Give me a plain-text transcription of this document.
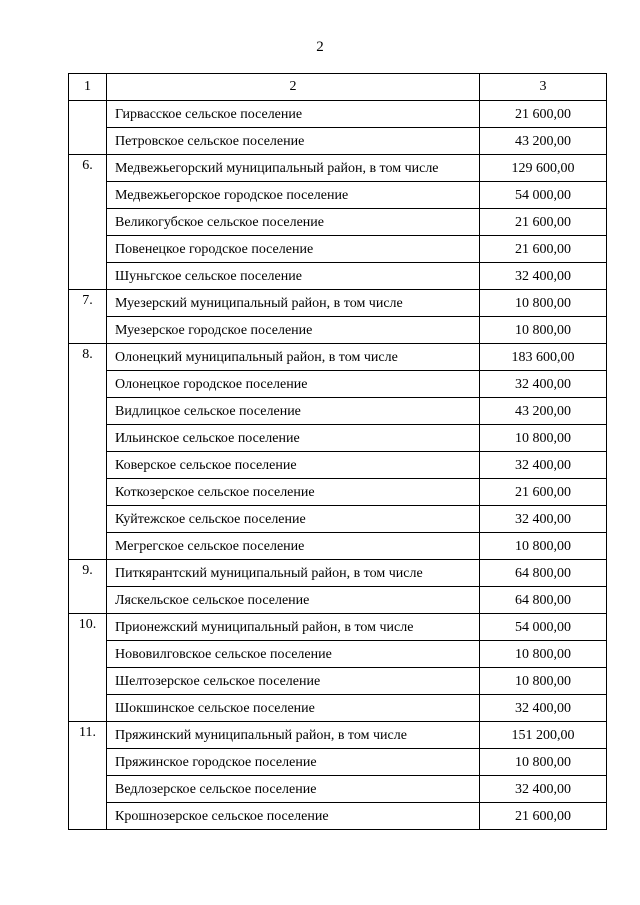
2
1	2	3

	Гирвасское сельское поселение	21 600,00

	Петровское сельское поселение	43 200,00

6.	Медвежьегорский муниципальный район, в том числе	129 600,00

	Медвежьегорское городское поселение	54 000,00

	Великогубское сельское поселение	21 600,00

	Повенецкое городское поселение	21 600,00

	Шуньгское сельское поселение	32 400,00

7.	Муезерский муниципальный район, в том числе	10 800,00

	Муезерское городское поселение	10 800,00

8.	Олонецкий муниципальный район, в том числе	183 600,00

	Олонецкое городское поселение	32 400,00

	Видлицкое сельское поселение	43 200,00

	Ильинское сельское поселение	10 800,00

	Коверское сельское поселение	32 400,00

	Коткозерское сельское поселение	21 600,00

	Куйтежское сельское поселение	32 400,00

	Мегрегское сельское поселение	10 800,00

9.	Питкярантский муниципальный район, в том числе	64 800,00

	Ляскельское сельское поселение	64 800,00

10.	Прионежский муниципальный район, в том числе	54 000,00

	Нововилговское сельское поселение	10 800,00

	Шелтозерское сельское поселение	10 800,00

	Шокшинское сельское поселение	32 400,00

11.	Пряжинский муниципальный район, в том числе	151 200,00

	Пряжинское городское поселение	10 800,00

	Ведлозерское сельское поселение	32 400,00

	Крошнозерское сельское поселение	21 600,00
